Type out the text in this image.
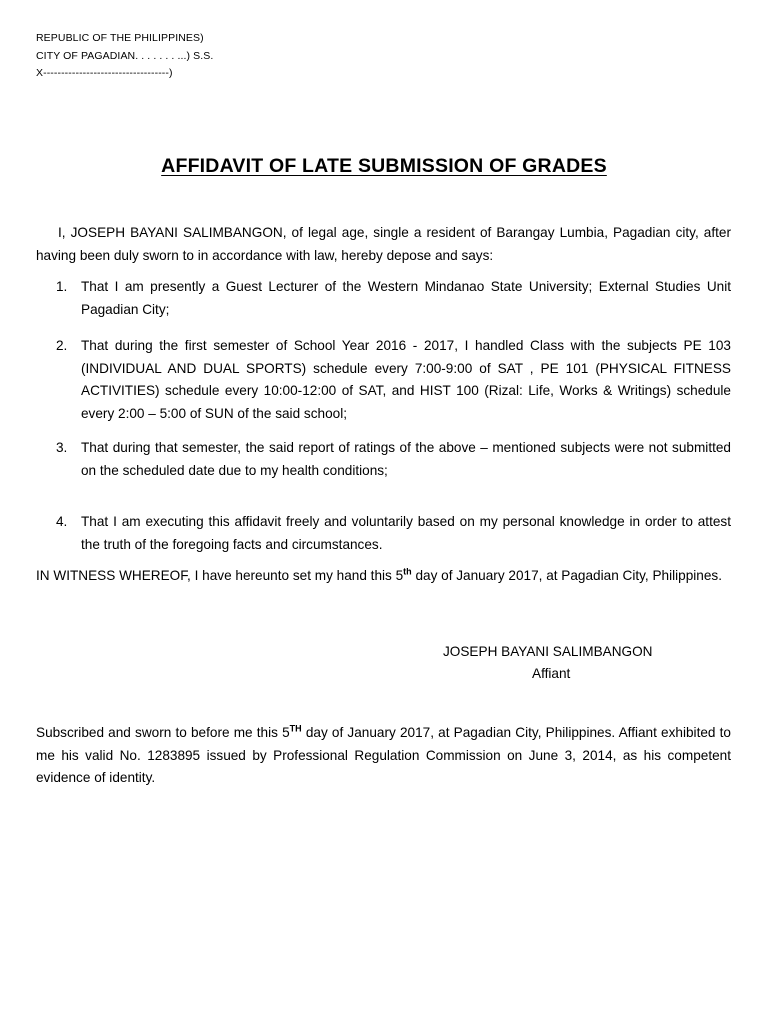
REPUBLIC OF THE PHILIPPINES)
CITY OF PAGADIAN. . . . . . . ...) S.S.
X-----------------------------------)
AFFIDAVIT OF LATE SUBMISSION OF GRADES
I, JOSEPH BAYANI SALIMBANGON, of legal age, single a resident of Barangay Lumbia, Pagadian city, after having been duly sworn to in accordance with law, hereby depose and says:
1.	That I am presently a Guest Lecturer of the Western Mindanao State University; External Studies Unit Pagadian City;
2.	That during the first semester of School Year 2016 - 2017, I handled Class with the subjects PE 103 (INDIVIDUAL AND DUAL SPORTS) schedule every 7:00-9:00 of SAT , PE 101 (PHYSICAL FITNESS ACTIVITIES) schedule every 10:00-12:00 of SAT, and HIST 100 (Rizal: Life, Works & Writings) schedule every 2:00 – 5:00 of SUN of the said school;
3.	That during that semester, the said report of ratings of the above – mentioned subjects were not submitted on the scheduled date due to my health conditions;
4.	That I am executing this affidavit freely and voluntarily based on my personal knowledge in order to attest the truth of the foregoing facts and circumstances.
IN WITNESS WHEREOF, I have hereunto set my hand this 5th day of January 2017, at Pagadian City, Philippines.
JOSEPH BAYANI SALIMBANGON
Affiant
Subscribed and sworn to before me this 5TH day of January 2017, at Pagadian City, Philippines. Affiant exhibited to me his valid No. 1283895 issued by Professional Regulation Commission on June 3, 2014, as his competent evidence of identity.
